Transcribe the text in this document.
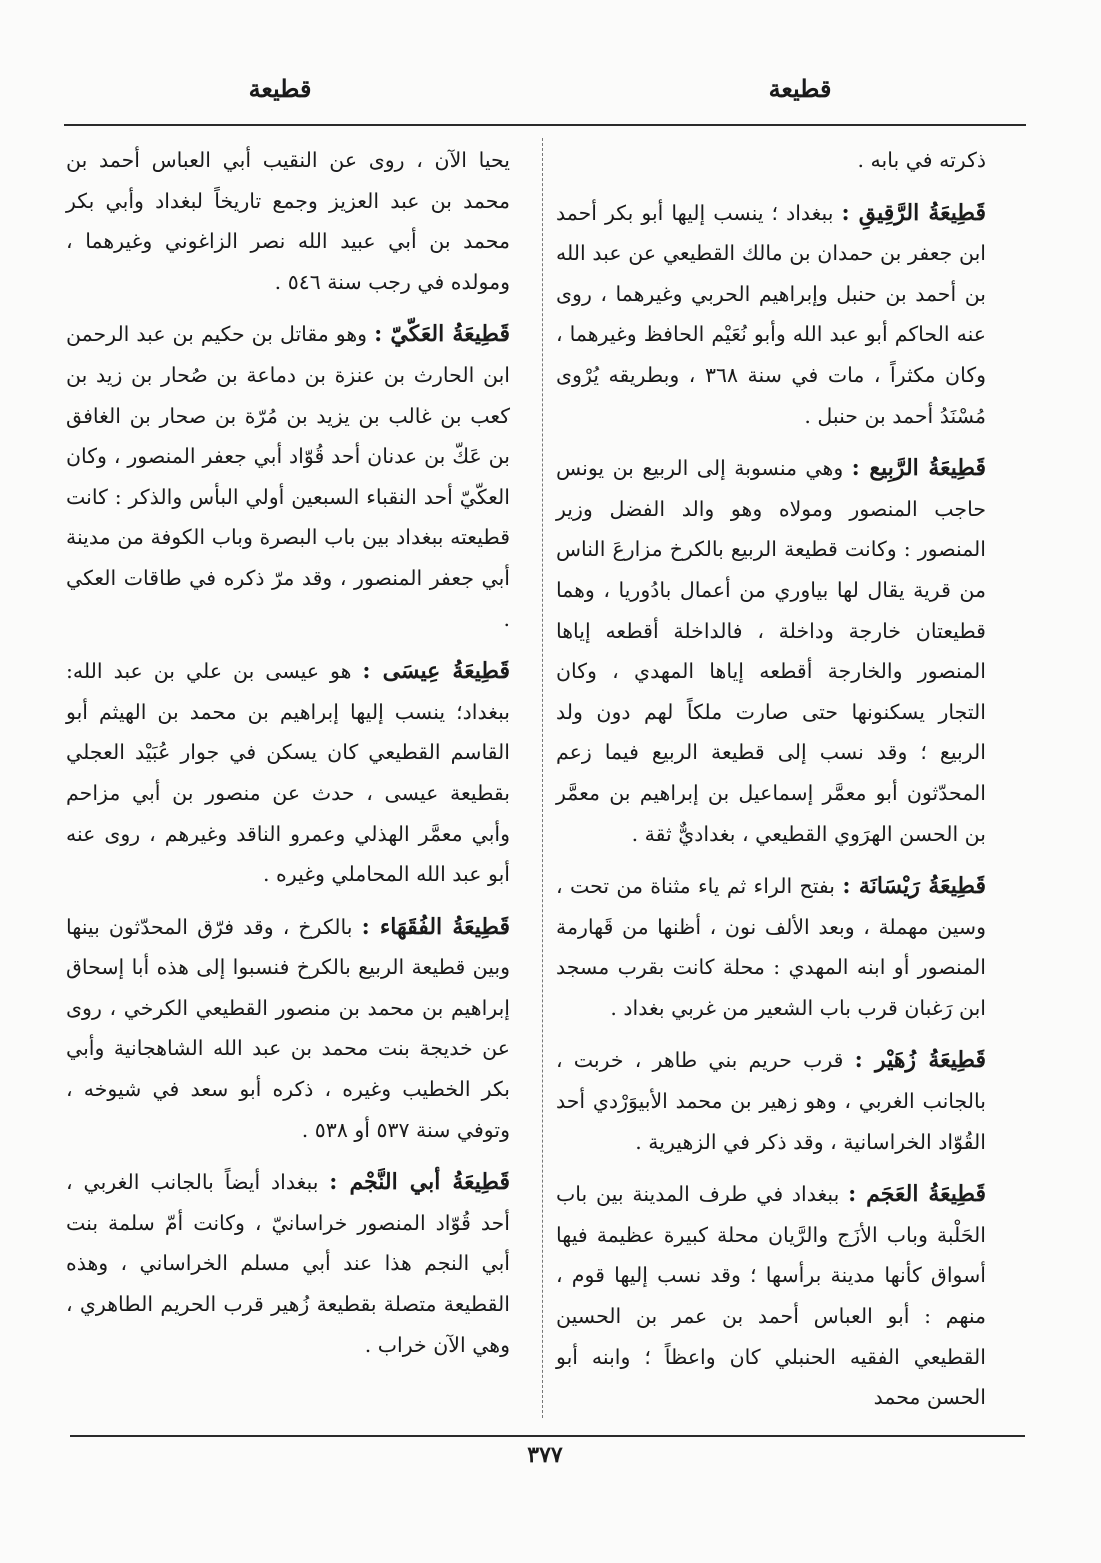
قطيعة
قطيعة

ذكرته في بابه .

قَطِيعَةُ الرَّقِيقِ : ببغداد ؛ ينسب إليها أبو بكر أحمد ابن جعفر بن حمدان بن مالك القطيعي عن عبد الله بن أحمد بن حنبل وإبراهيم الحربي وغيرهما ، روى عنه الحاكم أبو عبد الله وأبو نُعَيْم الحافظ وغيرهما ، وكان مكثراً ، مات في سنة ٣٦٨ ، وبطريقه يُرْوى مُسْنَدُ أحمد بن حنبل .

قَطِيعَةُ الرَّبِيع : وهي منسوبة إلى الربيع بن يونس حاجب المنصور ومولاه وهو والد الفضل وزير المنصور : وكانت قطيعة الربيع بالكرخ مزارعَ الناس من قرية يقال لها بياوري من أعمال بادُوريا ، وهما قطيعتان خارجة وداخلة ، فالداخلة أقطعه إياها المنصور والخارجة أقطعه إياها المهدي ، وكان التجار يسكنونها حتى صارت ملكاً لهم دون ولد الربيع ؛ وقد نسب إلى قطيعة الربيع فيما زعم المحدّثون أبو معمَّر إسماعيل بن إبراهيم بن معمَّر بن الحسن الهرَوي القطيعي ، بغداديٌّ ثقة .

قَطِيعَةُ رَيْسَانَة : بفتح الراء ثم ياء مثناة من تحت ، وسين مهملة ، وبعد الألف نون ، أظنها من قَهارمة المنصور أو ابنه المهدي : محلة كانت بقرب مسجد ابن رَغبان قرب باب الشعير من غربي بغداد .

قَطِيعَةُ زُهَيْر : قرب حريم بني طاهر ، خربت ، بالجانب الغربي ، وهو زهير بن محمد الأبيوَرْدي أحد القُوّاد الخراسانية ، وقد ذكر في الزهيرية .

قَطِيعَةُ العَجَم : ببغداد في طرف المدينة بين باب الحَلْبة وباب الأزَج والرَّيان محلة كبيرة عظيمة فيها أسواق كأنها مدينة برأسها ؛ وقد نسب إليها قوم ، منهم : أبو العباس أحمد بن عمر بن الحسين القطيعي الفقيه الحنبلي كان واعظاً ؛ وابنه أبو الحسن محمد

يحيا الآن ، روى عن النقيب أبي العباس أحمد بن محمد بن عبد العزيز وجمع تاريخاً لبغداد وأبي بكر محمد بن أبي عبيد الله نصر الزاغوني وغيرهما ، ومولده في رجب سنة ٥٤٦ .

قَطِيعَةُ العَكّيّ : وهو مقاتل بن حكيم بن عبد الرحمن ابن الحارث بن عنزة بن دماعة بن صُحار بن زيد بن كعب بن غالب بن يزيد بن مُرّة بن صحار بن الغافق بن عَكّ بن عدنان أحد قُوّاد أبي جعفر المنصور ، وكان العكّيّ أحد النقباء السبعين أولي البأس والذكر : كانت قطيعته ببغداد بين باب البصرة وباب الكوفة من مدينة أبي جعفر المنصور ، وقد مرّ ذكره في طاقات العكي .

قَطِيعَةُ عِيسَى : هو عيسى بن علي بن عبد الله: ببغداد؛ ينسب إليها إبراهيم بن محمد بن الهيثم أبو القاسم القطيعي كان يسكن في جوار عُبَيْد العجلي بقطيعة عيسى ، حدث عن منصور بن أبي مزاحم وأبي معمَّر الهذلي وعمرو الناقد وغيرهم ، روى عنه أبو عبد الله المحاملي وغيره .

قَطِيعَةُ الفُقَهَاء : بالكرخ ، وقد فرّق المحدّثون بينها وبين قطيعة الربيع بالكرخ فنسبوا إلى هذه أبا إسحاق إبراهيم بن محمد بن منصور القطيعي الكرخي ، روى عن خديجة بنت محمد بن عبد الله الشاهجانية وأبي بكر الخطيب وغيره ، ذكره أبو سعد في شيوخه ، وتوفي سنة ٥٣٧ أو ٥٣٨ .

قَطِيعَةُ أبي النَّجْم : ببغداد أيضاً بالجانب الغربي ، أحد قُوّاد المنصور خراسانيّ ، وكانت أمّ سلمة بنت أبي النجم هذا عند أبي مسلم الخراساني ، وهذه القطيعة متصلة بقطيعة زُهير قرب الحريم الطاهري ، وهي الآن خراب .

٣٧٧
